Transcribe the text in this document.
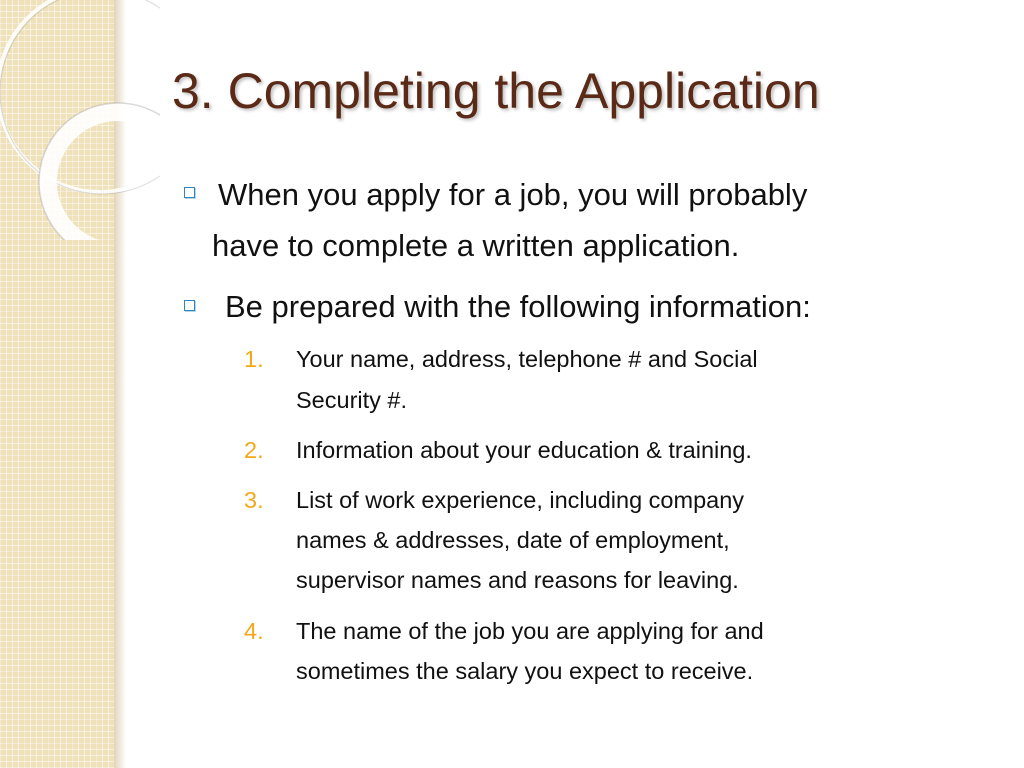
3. Completing the Application
When you apply for a job, you will probably
have to complete a written application.
Be prepared with the following information:
1. Your name, address, telephone # and Social
Security #.
2. Information about your education & training.
3. List of work experience, including company
names & addresses, date of employment,
supervisor names and reasons for leaving.
4. The name of the job you are applying for and
sometimes the salary you expect to receive.
